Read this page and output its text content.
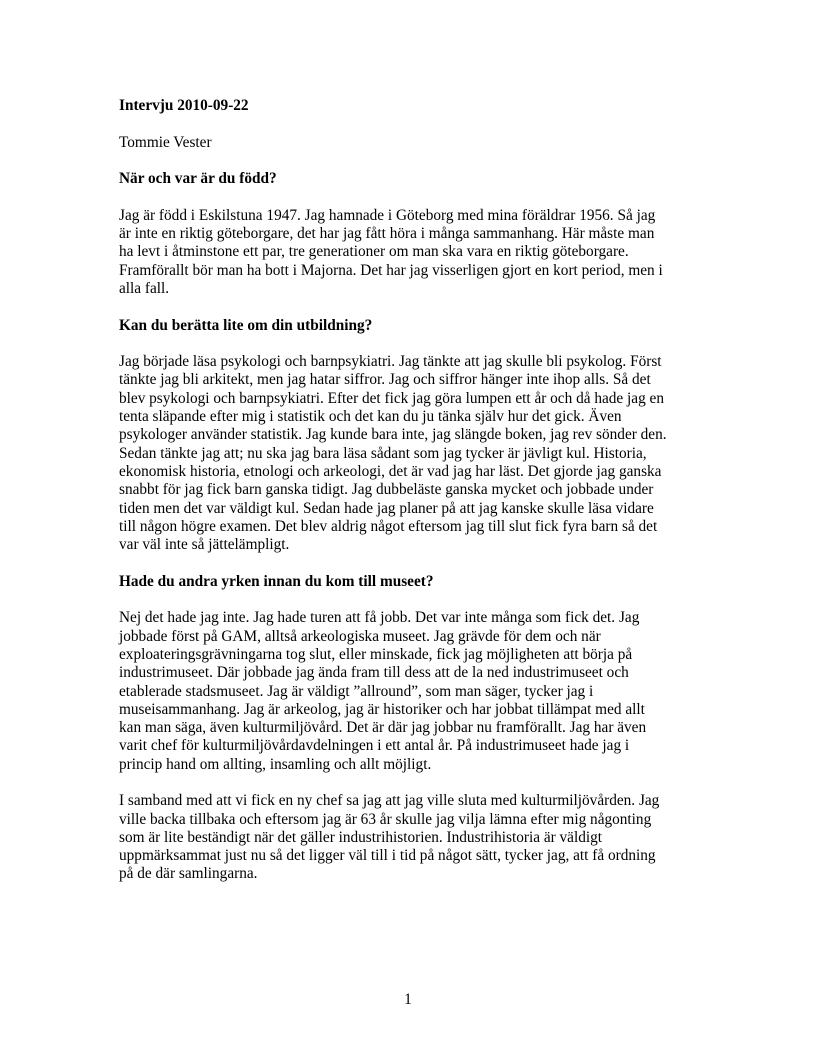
Intervju 2010-09-22

Tommie Vester

När och var är du född?

Jag är född i Eskilstuna 1947. Jag hamnade i Göteborg med mina föräldrar 1956. Så jag
är inte en riktig göteborgare, det har jag fått höra i många sammanhang. Här måste man
ha levt i åtminstone ett par, tre generationer om man ska vara en riktig göteborgare.
Framförallt bör man ha bott i Majorna. Det har jag visserligen gjort en kort period, men i
alla fall.

Kan du berätta lite om din utbildning?

Jag började läsa psykologi och barnpsykiatri. Jag tänkte att jag skulle bli psykolog. Först
tänkte jag bli arkitekt, men jag hatar siffror. Jag och siffror hänger inte ihop alls. Så det
blev psykologi och barnpsykiatri. Efter det fick jag göra lumpen ett år och då hade jag en
tenta släpande efter mig i statistik och det kan du ju tänka själv hur det gick. Även
psykologer använder statistik. Jag kunde bara inte, jag slängde boken, jag rev sönder den.
Sedan tänkte jag att; nu ska jag bara läsa sådant som jag tycker är jävligt kul. Historia,
ekonomisk historia, etnologi och arkeologi, det är vad jag har läst. Det gjorde jag ganska
snabbt för jag fick barn ganska tidigt. Jag dubbeläste ganska mycket och jobbade under
tiden men det var väldigt kul. Sedan hade jag planer på att jag kanske skulle läsa vidare
till någon högre examen. Det blev aldrig något eftersom jag till slut fick fyra barn så det
var väl inte så jättelämpligt.

Hade du andra yrken innan du kom till museet?

Nej det hade jag inte. Jag hade turen att få jobb. Det var inte många som fick det. Jag
jobbade först på GAM, alltså arkeologiska museet. Jag grävde för dem och när
exploateringsgrävningarna tog slut, eller minskade, fick jag möjligheten att börja på
industrimuseet. Där jobbade jag ända fram till dess att de la ned industrimuseet och
etablerade stadsmuseet. Jag är väldigt ”allround”, som man säger, tycker jag i
museisammanhang. Jag är arkeolog, jag är historiker och har jobbat tillämpat med allt
kan man säga, även kulturmiljövård. Det är där jag jobbar nu framförallt. Jag har även
varit chef för kulturmiljövårdavdelningen i ett antal år. På industrimuseet hade jag i
princip hand om allting, insamling och allt möjligt.

I samband med att vi fick en ny chef sa jag att jag ville sluta med kulturmiljövården. Jag
ville backa tillbaka och eftersom jag är 63 år skulle jag vilja lämna efter mig någonting
som är lite beständigt när det gäller industrihistorien. Industrihistoria är väldigt
uppmärksammat just nu så det ligger väl till i tid på något sätt, tycker jag, att få ordning
på de där samlingarna.

1
